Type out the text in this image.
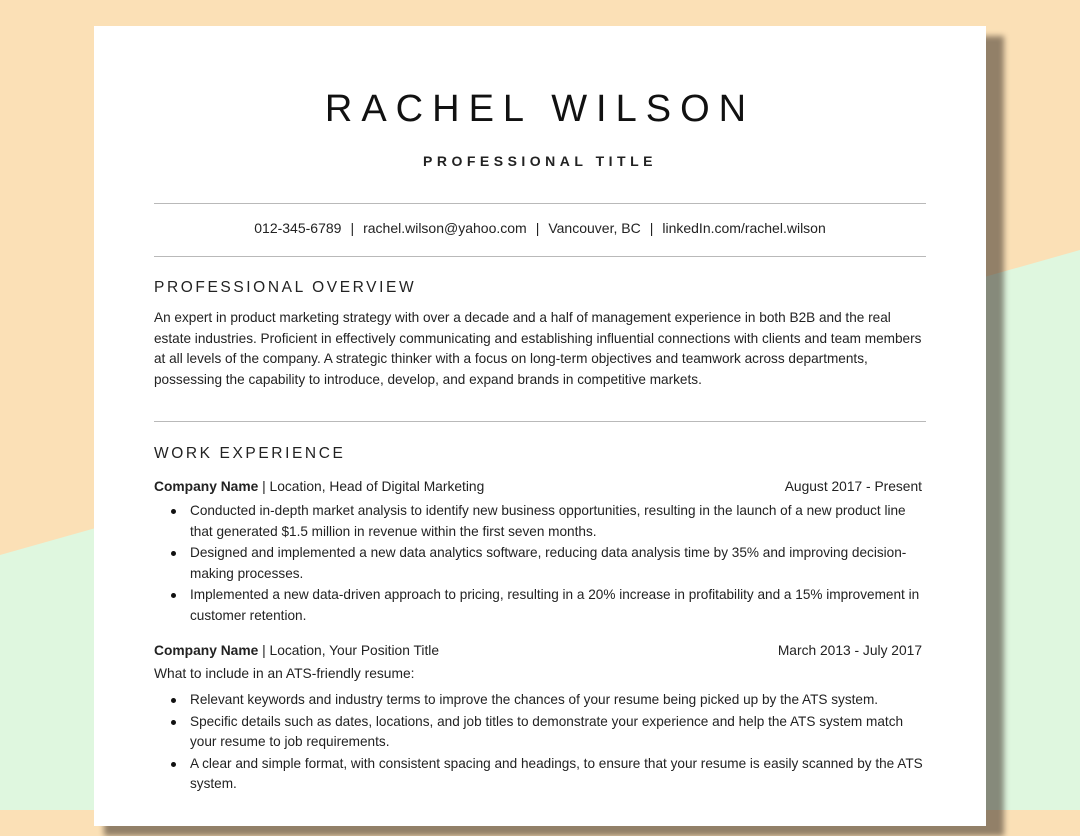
RACHEL WILSON
PROFESSIONAL TITLE
012-345-6789 | rachel.wilson@yahoo.com | Vancouver, BC | linkedIn.com/rachel.wilson
PROFESSIONAL OVERVIEW
An expert in product marketing strategy with over a decade and a half of management experience in both B2B and the real estate industries. Proficient in effectively communicating and establishing influential connections with clients and team members at all levels of the company. A strategic thinker with a focus on long-term objectives and teamwork across departments, possessing the capability to introduce, develop, and expand brands in competitive markets.
WORK EXPERIENCE
Company Name | Location, Head of Digital Marketing	August 2017 - Present
Conducted in-depth market analysis to identify new business opportunities, resulting in the launch of a new product line that generated $1.5 million in revenue within the first seven months.
Designed and implemented a new data analytics software, reducing data analysis time by 35% and improving decision-making processes.
Implemented a new data-driven approach to pricing, resulting in a 20% increase in profitability and a 15% improvement in customer retention.
Company Name | Location, Your Position Title	March 2013 - July 2017
What to include in an ATS-friendly resume:
Relevant keywords and industry terms to improve the chances of your resume being picked up by the ATS system.
Specific details such as dates, locations, and job titles to demonstrate your experience and help the ATS system match your resume to job requirements.
A clear and simple format, with consistent spacing and headings, to ensure that your resume is easily scanned by the ATS system.
